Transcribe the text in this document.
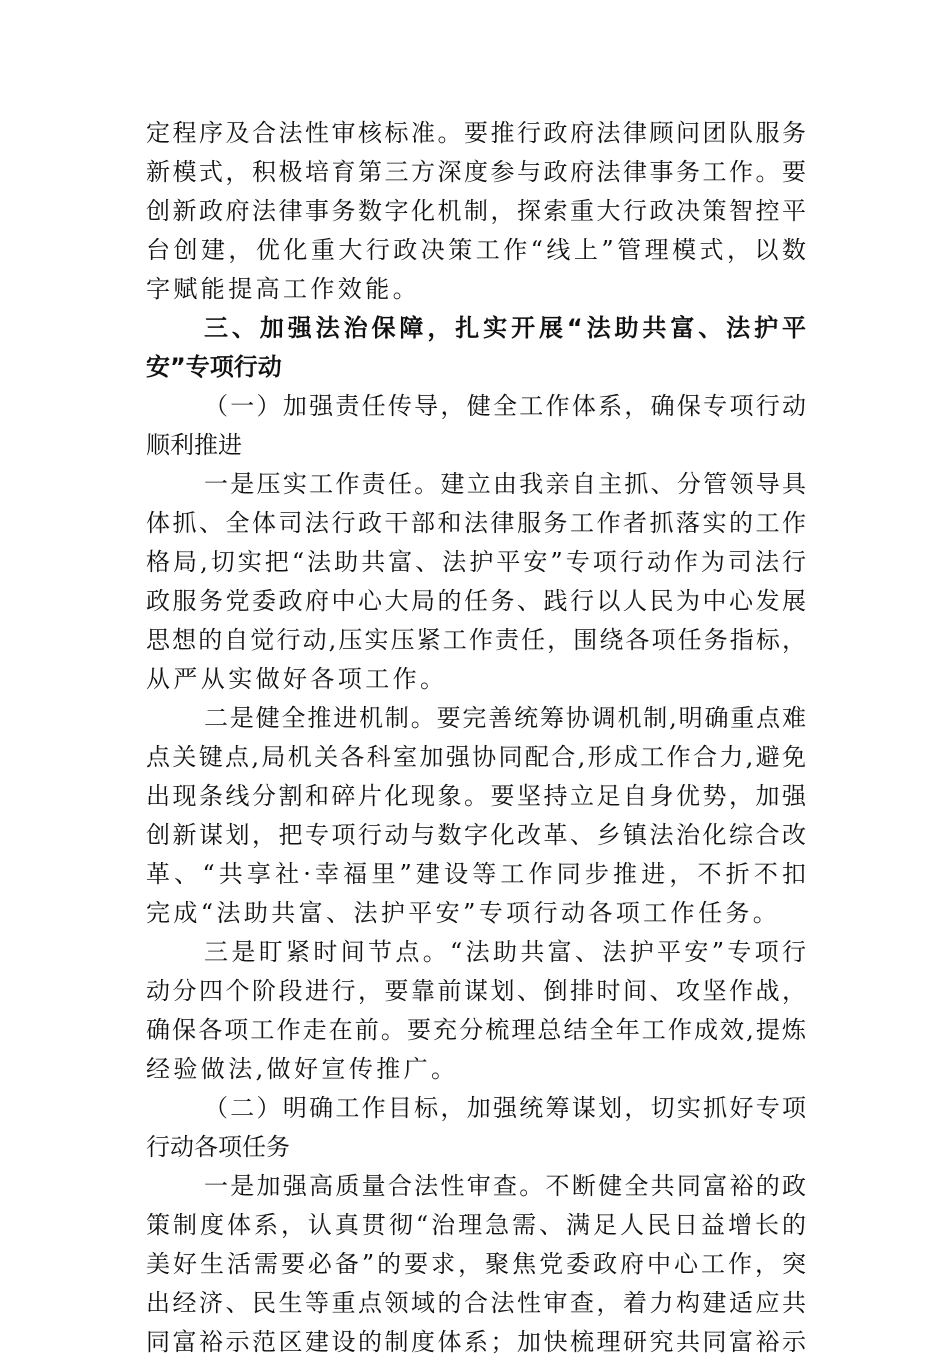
定程序及合法性审核标准。要推行政府法律顾问团队服务
新模式，积极培育第三方深度参与政府法律事务工作。要
创新政府法律事务数字化机制，探索重大行政决策智控平
台创建，优化重大行政决策工作“线上”管理模式，以数
字赋能提高工作效能。
三、加强法治保障，扎实开展“法助共富、法护平
安”专项行动
（一）加强责任传导，健全工作体系，确保专项行动
顺利推进
一是压实工作责任。建立由我亲自主抓、分管领导具
体抓、全体司法行政干部和法律服务工作者抓落实的工作
格局,切实把“法助共富、法护平安”专项行动作为司法行
政服务党委政府中心大局的任务、践行以人民为中心发展
思想的自觉行动,压实压紧工作责任，围绕各项任务指标，
从严从实做好各项工作。
二是健全推进机制。要完善统筹协调机制,明确重点难
点关键点,局机关各科室加强协同配合,形成工作合力,避免
出现条线分割和碎片化现象。要坚持立足自身优势，加强
创新谋划，把专项行动与数字化改革、乡镇法治化综合改
革、“共享社·幸福里”建设等工作同步推进，不折不扣
完成“法助共富、法护平安”专项行动各项工作任务。
三是盯紧时间节点。“法助共富、法护平安”专项行
动分四个阶段进行，要靠前谋划、倒排时间、攻坚作战，
确保各项工作走在前。要充分梳理总结全年工作成效,提炼
经验做法,做好宣传推广。
（二）明确工作目标，加强统筹谋划，切实抓好专项
行动各项任务
一是加强高质量合法性审查。不断健全共同富裕的政
策制度体系，认真贯彻“治理急需、满足人民日益增长的
美好生活需要必备”的要求，聚焦党委政府中心工作，突
出经济、民生等重点领域的合法性审查，着力构建适应共
同富裕示范区建设的制度体系；加快梳理研究共同富裕示
